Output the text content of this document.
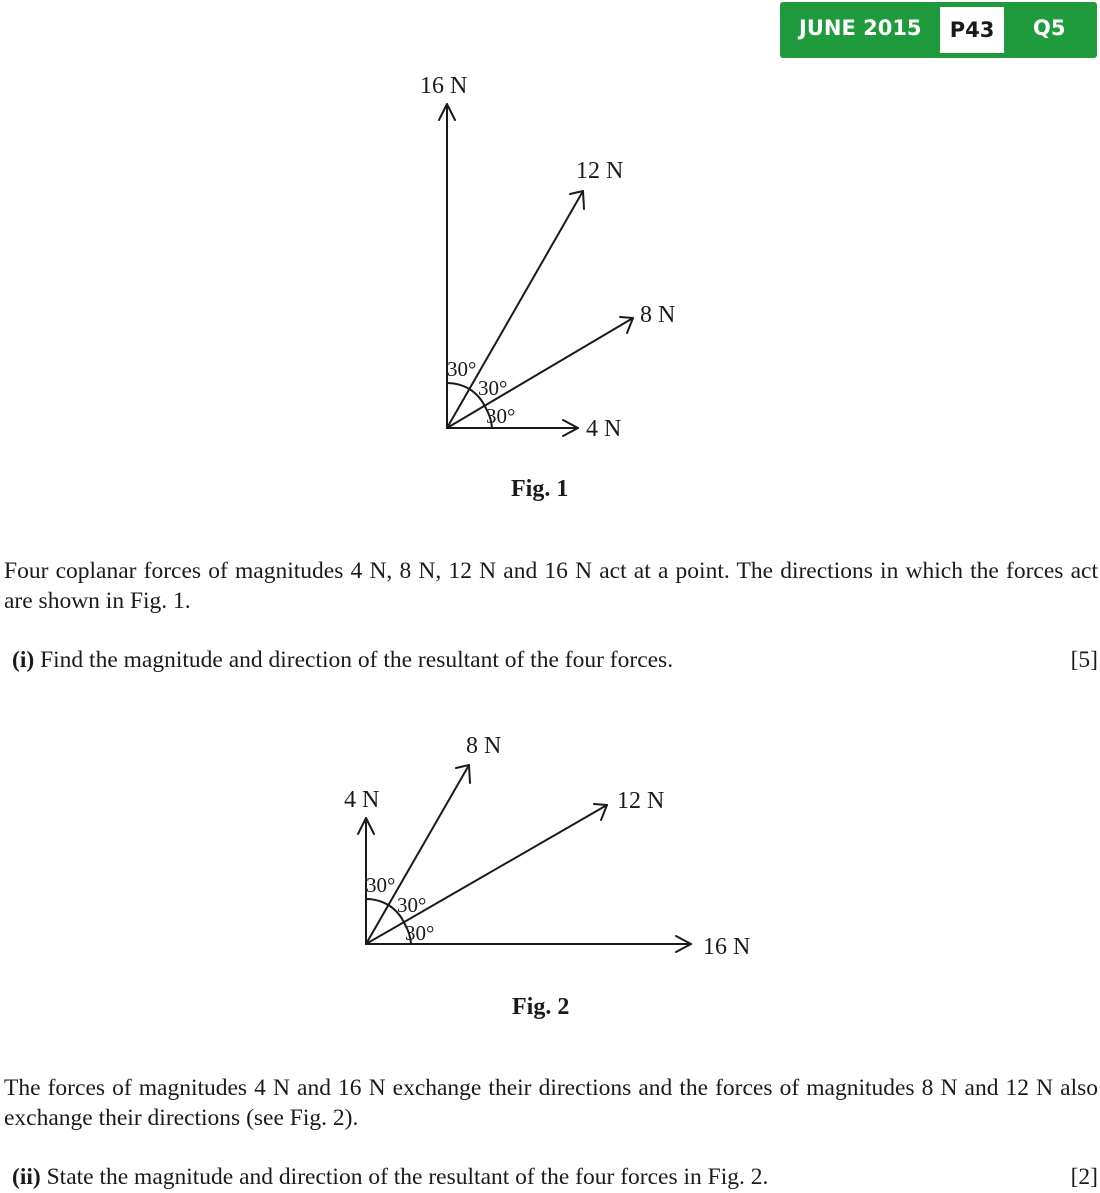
JUNE 2015	P43	Q5
16 N
12 N
8 N
4 N
30°
30°
30°
Fig. 1
Four coplanar forces of magnitudes 4 N, 8 N, 12 N and 16 N act at a point. The directions in which the forces act are shown in Fig. 1.
(i) Find the magnitude and direction of the resultant of the four forces.	[5]
4 N
8 N
12 N
16 N
30°
30°
30°
Fig. 2
The forces of magnitudes 4 N and 16 N exchange their directions and the forces of magnitudes 8 N and 12 N also exchange their directions (see Fig. 2).
(ii) State the magnitude and direction of the resultant of the four forces in Fig. 2.	[2]
